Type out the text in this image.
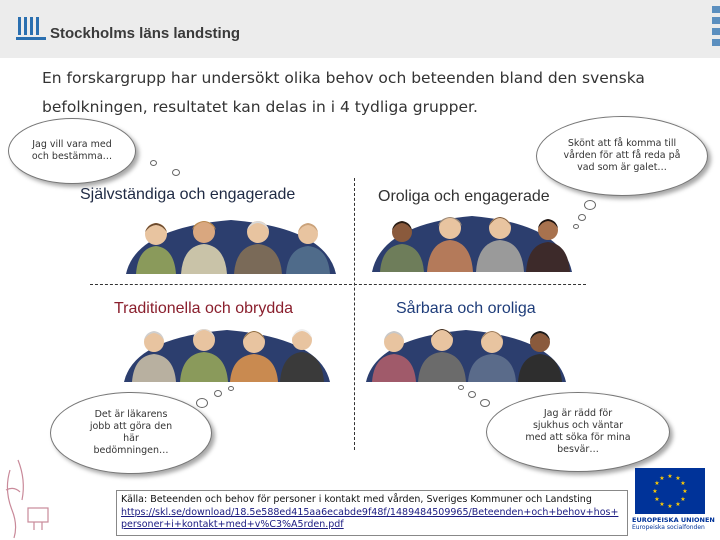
Stockholms läns landsting
En forskargrupp har undersökt olika behov och beteenden bland den svenska befolkningen, resultatet kan delas in i 4 tydliga grupper.
Jag vill vara med och bestämma…
Skönt att få komma till vården för att få reda på vad som är galet…
Det är läkarens jobb att göra den här bedömningen…
Jag är rädd för sjukhus och väntar med att söka för mina besvär…
Självständiga och engagerade	Oroliga och engagerade
Traditionella och obrydda	Sårbara och oroliga
Källa: Beteenden och behov för personer i kontakt med vården, Sveriges Kommuner och Landsting
https://skl.se/download/18.5e588ed415aa6ecabde9f48f/1489484509965/Beteenden+och+behov+hos+personer+i+kontakt+med+v%C3%A5rden.pdf
★ ★
★
★
★
★
★
★
★
★
★
★
EUROPEISKA UNIONEN
Europeiska socialfonden
